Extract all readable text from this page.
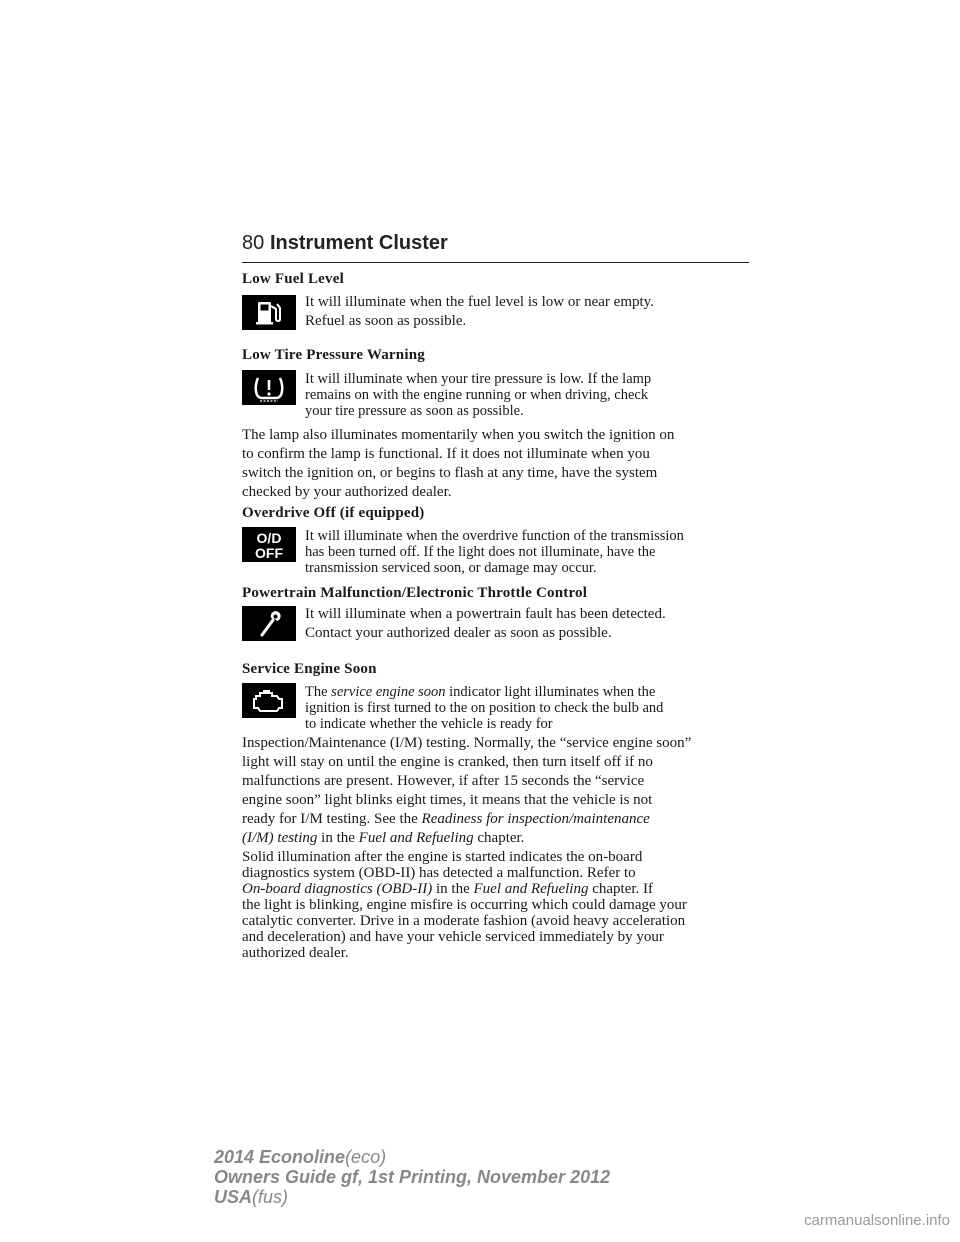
80 Instrument Cluster
Low Fuel Level
It will illuminate when the fuel level is low or near empty.
Refuel as soon as possible.
Low Tire Pressure Warning
It will illuminate when your tire pressure is low. If the lamp
remains on with the engine running or when driving, check
your tire pressure as soon as possible.
The lamp also illuminates momentarily when you switch the ignition on
to confirm the lamp is functional. If it does not illuminate when you
switch the ignition on, or begins to flash at any time, have the system
checked by your authorized dealer.
Overdrive Off (if equipped)
O/D
OFF
It will illuminate when the overdrive function of the transmission
has been turned off. If the light does not illuminate, have the
transmission serviced soon, or damage may occur.
Powertrain Malfunction/Electronic Throttle Control
It will illuminate when a powertrain fault has been detected.
Contact your authorized dealer as soon as possible.
Service Engine Soon
The service engine soon indicator light illuminates when the
ignition is first turned to the on position to check the bulb and
to indicate whether the vehicle is ready for
Inspection/Maintenance (I/M) testing. Normally, the “service engine soon”
light will stay on until the engine is cranked, then turn itself off if no
malfunctions are present. However, if after 15 seconds the “service
engine soon” light blinks eight times, it means that the vehicle is not
ready for I/M testing. See the Readiness for inspection/maintenance
(I/M) testing in the Fuel and Refueling chapter.
Solid illumination after the engine is started indicates the on-board
diagnostics system (OBD-II) has detected a malfunction. Refer to
On-board diagnostics (OBD-II) in the Fuel and Refueling chapter. If
the light is blinking, engine misfire is occurring which could damage your
catalytic converter. Drive in a moderate fashion (avoid heavy acceleration
and deceleration) and have your vehicle serviced immediately by your
authorized dealer.
2014 Econoline(eco)
Owners Guide gf, 1st Printing, November 2012
USA(fus)
carmanualsonline.info
